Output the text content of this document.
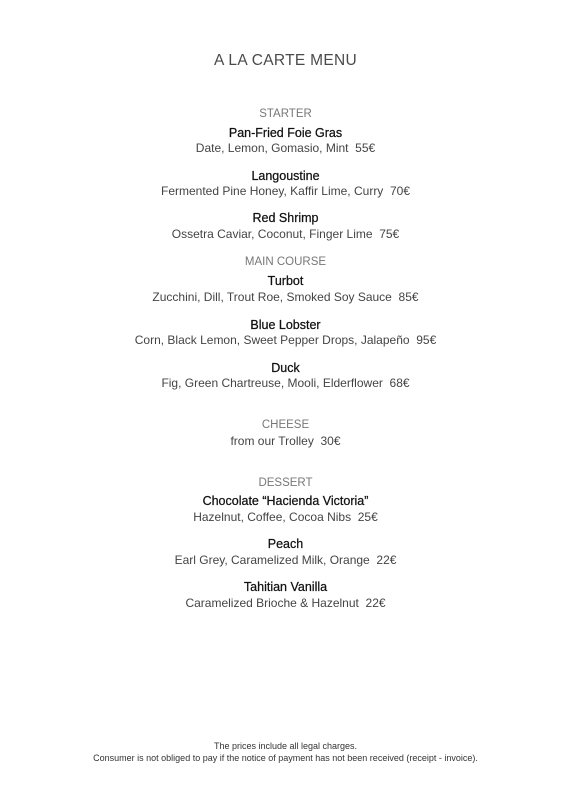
A LA CARTE MENU
STARTER
Pan-Fried Foie Gras
Date, Lemon, Gomasio, Mint  55€
Langoustine
Fermented Pine Honey, Kaffir Lime, Curry  70€
Red Shrimp
Ossetra Caviar, Coconut, Finger Lime  75€
MAIN COURSE
Turbot
Zucchini, Dill, Trout Roe, Smoked Soy Sauce  85€
Blue Lobster
Corn, Black Lemon, Sweet Pepper Drops, Jalapeño  95€
Duck
Fig, Green Chartreuse, Mooli, Elderflower  68€
CHEESE
from our Trolley  30€
DESSERT
Chocolate “Hacienda Victoria”
Hazelnut, Coffee, Cocoa Nibs  25€
Peach
Earl Grey, Caramelized Milk, Orange  22€
Tahitian Vanilla
Caramelized Brioche & Hazelnut  22€
The prices include all legal charges.
Consumer is not obliged to pay if the notice of payment has not been received (receipt - invoice).
